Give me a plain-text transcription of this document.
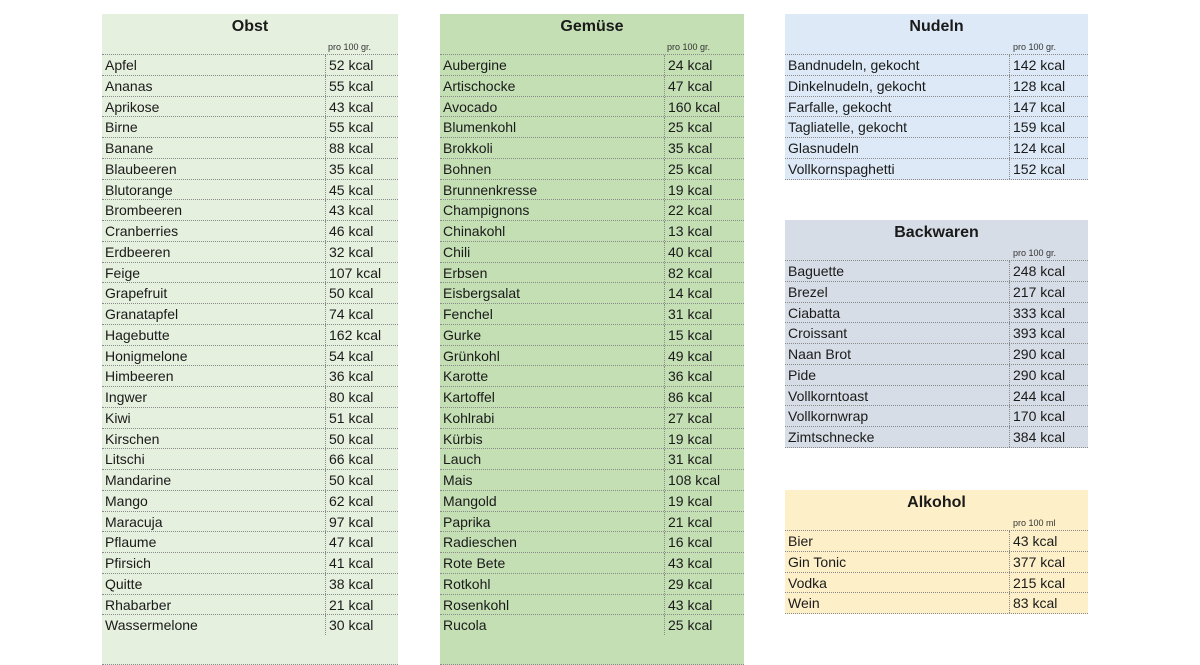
Obst
pro 100 gr.
Apfel	52 kcal
Ananas	55 kcal
Aprikose	43 kcal
Birne	55 kcal
Banane	88 kcal
Blaubeeren	35 kcal
Blutorange	45 kcal
Brombeeren	43 kcal
Cranberries	46 kcal
Erdbeeren	32 kcal
Feige	107 kcal
Grapefruit	50 kcal
Granatapfel	74 kcal
Hagebutte	162 kcal
Honigmelone	54 kcal
Himbeeren	36 kcal
Ingwer	80 kcal
Kiwi	51 kcal
Kirschen	50 kcal
Litschi	66 kcal
Mandarine	50 kcal
Mango	62 kcal
Maracuja	97 kcal
Pflaume	47 kcal
Pfirsich	41 kcal
Quitte	38 kcal
Rhabarber	21 kcal
Wassermelone	30 kcal
Gemüse
pro 100 gr.
Aubergine	24 kcal
Artischocke	47 kcal
Avocado	160 kcal
Blumenkohl	25 kcal
Brokkoli	35 kcal
Bohnen	25 kcal
Brunnenkresse	19 kcal
Champignons	22 kcal
Chinakohl	13 kcal
Chili	40 kcal
Erbsen	82 kcal
Eisbergsalat	14 kcal
Fenchel	31 kcal
Gurke	15 kcal
Grünkohl	49 kcal
Karotte	36 kcal
Kartoffel	86 kcal
Kohlrabi	27 kcal
Kürbis	19 kcal
Lauch	31 kcal
Mais	108 kcal
Mangold	19 kcal
Paprika	21 kcal
Radieschen	16 kcal
Rote Bete	43 kcal
Rotkohl	29 kcal
Rosenkohl	43 kcal
Rucola	25 kcal
Nudeln
pro 100 gr.
Bandnudeln, gekocht	142 kcal
Dinkelnudeln, gekocht	128 kcal
Farfalle, gekocht	147 kcal
Tagliatelle, gekocht	159 kcal
Glasnudeln	124 kcal
Vollkornspaghetti	152 kcal
Backwaren
pro 100 gr.
Baguette	248 kcal
Brezel	217 kcal
Ciabatta	333 kcal
Croissant	393 kcal
Naan Brot	290 kcal
Pide	290 kcal
Vollkorntoast	244 kcal
Vollkornwrap	170 kcal
Zimtschnecke	384 kcal
Alkohol
pro 100 ml
Bier	43 kcal
Gin Tonic	377 kcal
Vodka	215 kcal
Wein	83 kcal
